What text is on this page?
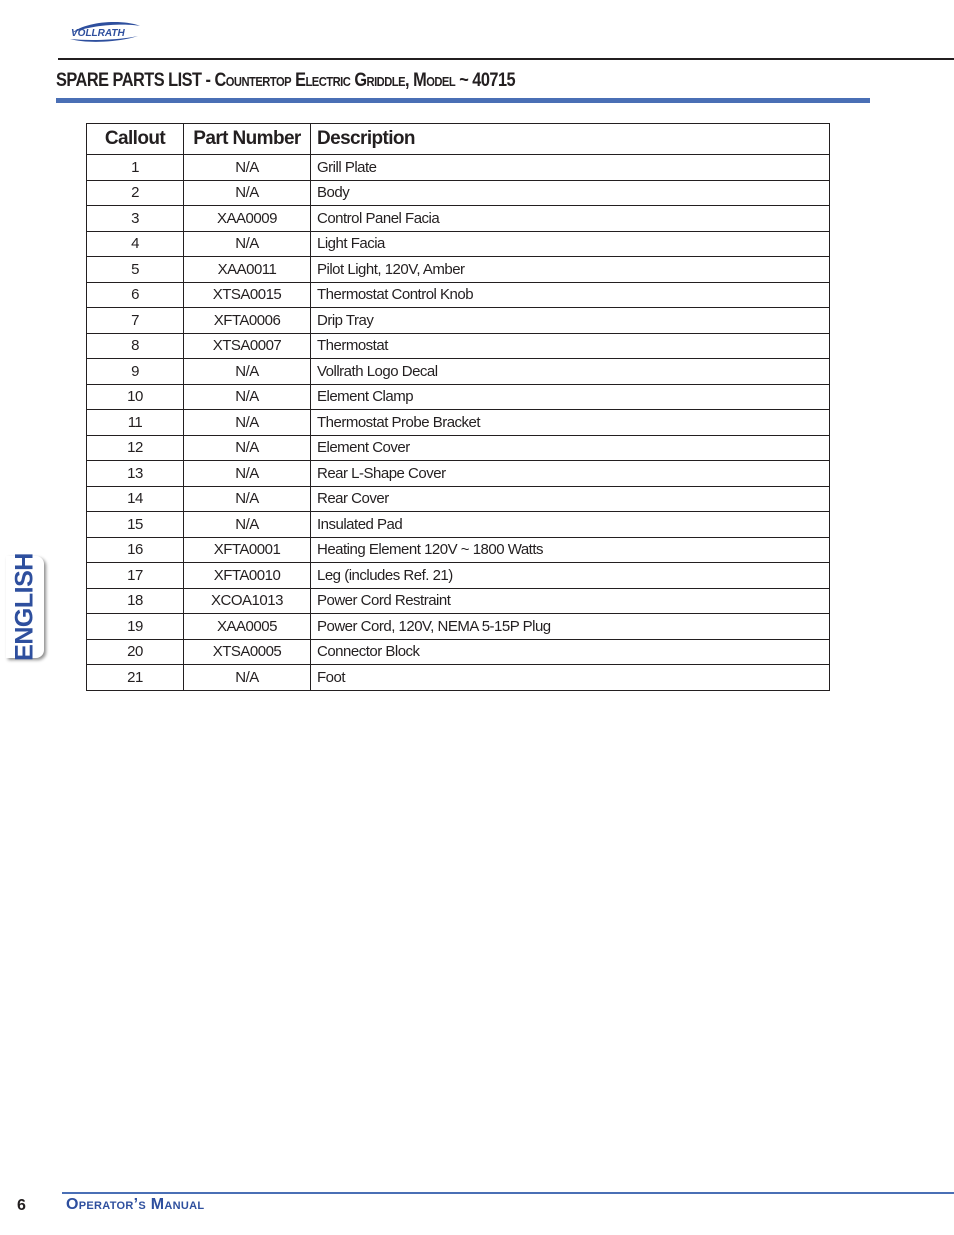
VOLLRATH
SPARE PARTS LIST - Countertop Electric Griddle, Model ~ 40715
Callout	Part Number	Description
1	N/A	Grill Plate
2	N/A	Body
3	XAA0009	Control Panel Facia
4	N/A	Light Facia
5	XAA0011	Pilot Light, 120V, Amber
6	XTSA0015	Thermostat Control Knob
7	XFTA0006	Drip Tray
8	XTSA0007	Thermostat
9	N/A	Vollrath Logo Decal
10	N/A	Element Clamp
11	N/A	Thermostat Probe Bracket
12	N/A	Element Cover
13	N/A	Rear L-Shape Cover
14	N/A	Rear Cover
15	N/A	Insulated Pad
16	XFTA0001	Heating Element 120V ~ 1800 Watts
17	XFTA0010	Leg (includes Ref. 21)
18	XCOA1013	Power Cord Restraint
19	XAA0005	Power Cord, 120V, NEMA 5-15P Plug
20	XTSA0005	Connector Block
21	N/A	Foot
ENGLISH
6	Operator’s Manual
